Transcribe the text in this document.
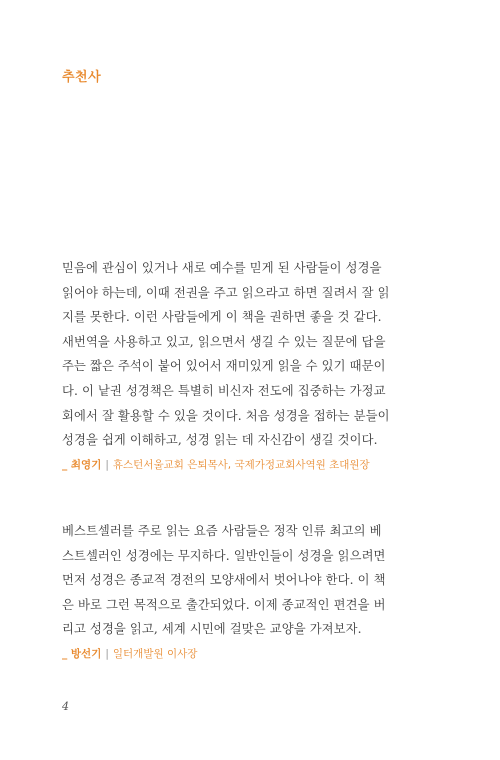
추천사

믿음에 관심이 있거나 새로 예수를 믿게 된 사람들이 성경을

읽어야 하는데, 이때 전권을 주고 읽으라고 하면 질려서 잘 읽

지를 못한다. 이런 사람들에게 이 책을 권하면 좋을 것 같다.

새번역을 사용하고 있고, 읽으면서 생길 수 있는 질문에 답을

주는 짧은 주석이 붙어 있어서 재미있게 읽을 수 있기 때문이

다. 이 낱권 성경책은 특별히 비신자 전도에 집중하는 가정교

회에서 잘 활용할 수 있을 것이다. 처음 성경을 접하는 분들이

성경을 쉽게 이해하고, 성경 읽는 데 자신감이 생길 것이다.

_ 최영기 | 휴스턴서울교회 은퇴목사, 국제가정교회사역원 초대원장

베스트셀러를 주로 읽는 요즘 사람들은 정작 인류 최고의 베

스트셀러인 성경에는 무지하다. 일반인들이 성경을 읽으려면

먼저 성경은 종교적 경전의 모양새에서 벗어나야 한다. 이 책

은 바로 그런 목적으로 출간되었다. 이제 종교적인 편견을 버

리고 성경을 읽고, 세계 시민에 걸맞은 교양을 가져보자.

_ 방선기 | 일터개발원 이사장
4
